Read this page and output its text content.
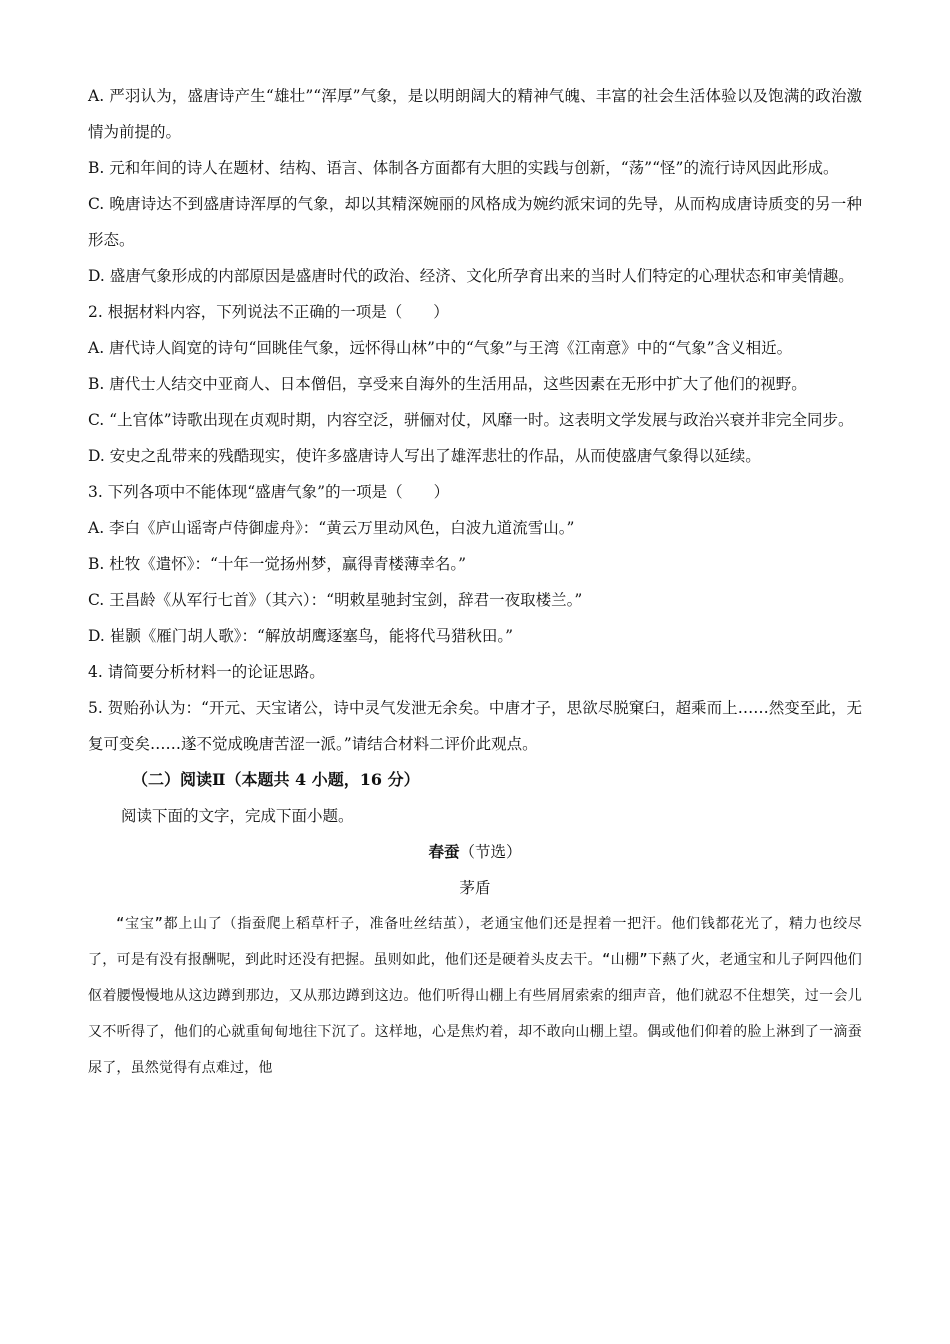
A. 严羽认为，盛唐诗产生“雄壮”“浑厚”气象，是以明朗阔大的精神气魄、丰富的社会生活体验以及饱满的政治激情为前提的。

B. 元和年间的诗人在题材、结构、语言、体制各方面都有大胆的实践与创新，“荡”“怪”的流行诗风因此形成。

C. 晚唐诗达不到盛唐诗浑厚的气象，却以其精深婉丽的风格成为婉约派宋词的先导，从而构成唐诗质变的另一种形态。

D. 盛唐气象形成的内部原因是盛唐时代的政治、经济、文化所孕育出来的当时人们特定的心理状态和审美情趣。

2. 根据材料内容，下列说法不正确的一项是（　　）

A. 唐代诗人阎宽的诗句“回眺佳气象，远怀得山林”中的“气象”与王湾《江南意》中的“气象”含义相近。

B. 唐代士人结交中亚商人、日本僧侣，享受来自海外的生活用品，这些因素在无形中扩大了他们的视野。

C. “上官体”诗歌出现在贞观时期，内容空泛，骈俪对仗，风靡一时。这表明文学发展与政治兴衰并非完全同步。

D. 安史之乱带来的残酷现实，使许多盛唐诗人写出了雄浑悲壮的作品，从而使盛唐气象得以延续。

3. 下列各项中不能体现“盛唐气象”的一项是（　　）

A. 李白《庐山谣寄卢侍御虚舟》：“黄云万里动风色，白波九道流雪山。”

B. 杜牧《遣怀》：“十年一觉扬州梦，赢得青楼薄幸名。”

C. 王昌龄《从军行七首》（其六）：“明敕星驰封宝剑，辞君一夜取楼兰。”

D. 崔颢《雁门胡人歌》：“解放胡鹰逐塞鸟，能将代马猎秋田。”

4. 请简要分析材料一的论证思路。

5. 贺贻孙认为：“开元、天宝诸公，诗中灵气发泄无余矣。中唐才子，思欲尽脱窠臼，超乘而上……然变至此，无复可变矣……遂不觉成晚唐苦涩一派。”请结合材料二评价此观点。

（二）阅读Ⅱ（本题共 4 小题，16 分）

阅读下面的文字，完成下面小题。

春蚕（节选）

茅盾

“宝宝”都上山了（指蚕爬上稻草杆子，准备吐丝结茧），老通宝他们还是捏着一把汗。他们钱都花光了，精力也绞尽了，可是有没有报酬呢，到此时还没有把握。虽则如此，他们还是硬着头皮去干。“山棚”下爇了火，老通宝和儿子阿四他们伛着腰慢慢地从这边蹲到那边，又从那边蹲到这边。他们听得山棚上有些屑屑索索的细声音，他们就忍不住想笑，过一会儿又不听得了，他们的心就重甸甸地往下沉了。这样地，心是焦灼着，却不敢向山棚上望。偶或他们仰着的脸上淋到了一滴蚕尿了，虽然觉得有点难过，他
